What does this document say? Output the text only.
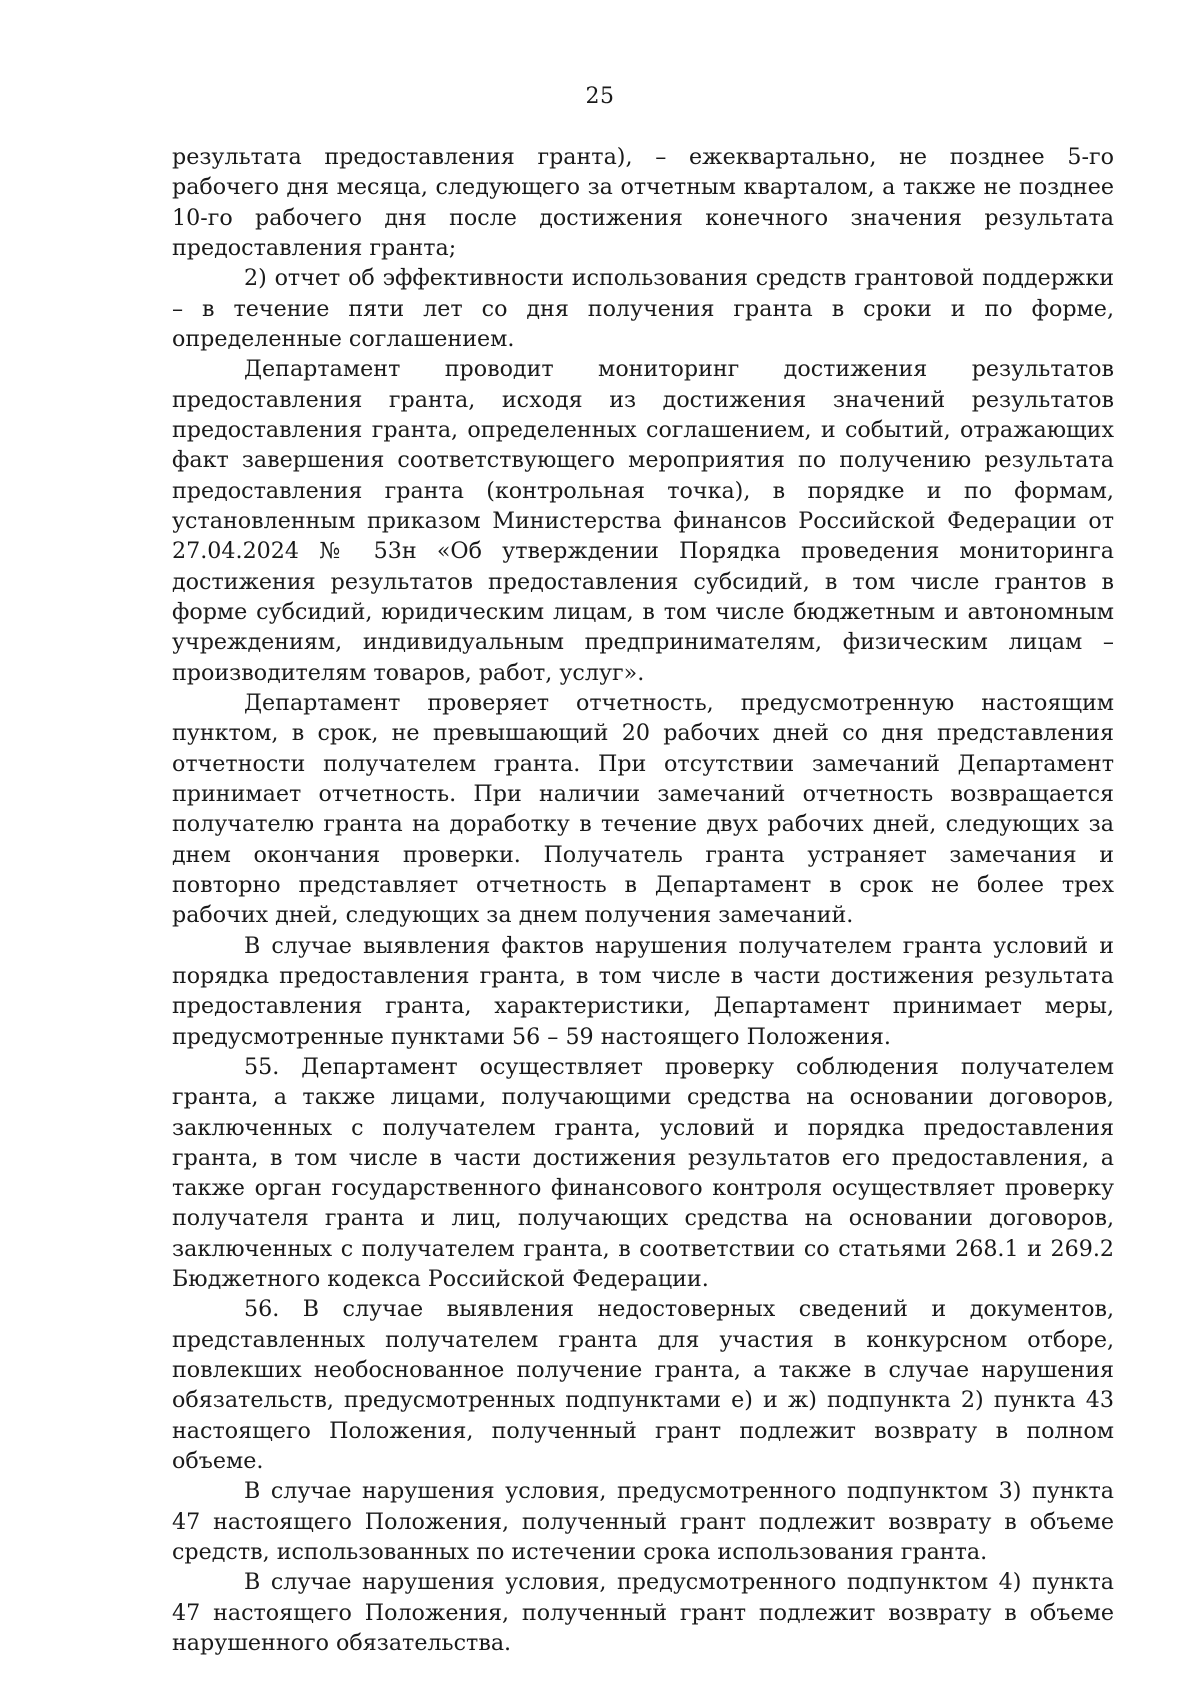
25

результата предоставления гранта), – ежеквартально, не позднее 5-го рабочего дня месяца, следующего за отчетным кварталом, а также не позднее 10-го рабочего дня после достижения конечного значения результата предоставления гранта;

2) отчет об эффективности использования средств грантовой поддержки – в течение пяти лет со дня получения гранта в сроки и по форме, определенные соглашением.

Департамент проводит мониторинг достижения результатов предоставления гранта, исходя из достижения значений результатов предоставления гранта, определенных соглашением, и событий, отражающих факт завершения соответствующего мероприятия по получению результата предоставления гранта (контрольная точка), в порядке и по формам, установленным приказом Министерства финансов Российской Федерации от 27.04.2024 № 53н «Об утверждении Порядка проведения мониторинга достижения результатов предоставления субсидий, в том числе грантов в форме субсидий, юридическим лицам, в том числе бюджетным и автономным учреждениям, индивидуальным предпринимателям, физическим лицам – производителям товаров, работ, услуг».

Департамент проверяет отчетность, предусмотренную настоящим пунктом, в срок, не превышающий 20 рабочих дней со дня представления отчетности получателем гранта. При отсутствии замечаний Департамент принимает отчетность. При наличии замечаний отчетность возвращается получателю гранта на доработку в течение двух рабочих дней, следующих за днем окончания проверки. Получатель гранта устраняет замечания и повторно представляет отчетность в Департамент в срок не более трех рабочих дней, следующих за днем получения замечаний.

В случае выявления фактов нарушения получателем гранта условий и порядка предоставления гранта, в том числе в части достижения результата предоставления гранта, характеристики, Департамент принимает меры, предусмотренные пунктами 56 – 59 настоящего Положения.

55. Департамент осуществляет проверку соблюдения получателем гранта, а также лицами, получающими средства на основании договоров, заключенных с получателем гранта, условий и порядка предоставления гранта, в том числе в части достижения результатов его предоставления, а также орган государственного финансового контроля осуществляет проверку получателя гранта и лиц, получающих средства на основании договоров, заключенных с получателем гранта, в соответствии со статьями 268.1 и 269.2 Бюджетного кодекса Российской Федерации.

56. В случае выявления недостоверных сведений и документов, представленных получателем гранта для участия в конкурсном отборе, повлекших необоснованное получение гранта, а также в случае нарушения обязательств, предусмотренных подпунктами е) и ж) подпункта 2) пункта 43 настоящего Положения, полученный грант подлежит возврату в полном объеме.

В случае нарушения условия, предусмотренного подпунктом 3) пункта 47 настоящего Положения, полученный грант подлежит возврату в объеме средств, использованных по истечении срока использования гранта.

В случае нарушения условия, предусмотренного подпунктом 4) пункта 47 настоящего Положения, полученный грант подлежит возврату в объеме нарушенного обязательства.
